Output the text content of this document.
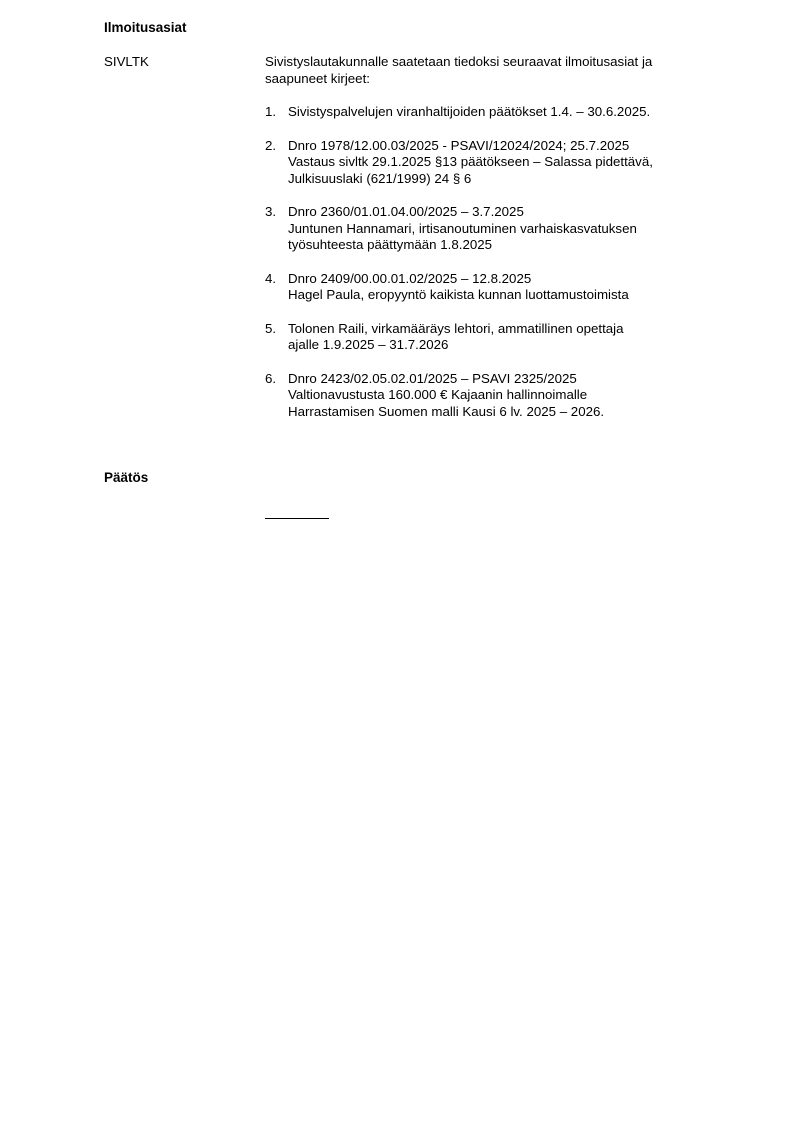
Ilmoitusasiat
SIVLTK	Sivistyslautakunnalle saatetaan tiedoksi seuraavat ilmoitusasiat ja saapuneet kirjeet:
1. Sivistyspalvelujen viranhaltijoiden päätökset 1.4. – 30.6.2025.
2. Dnro 1978/12.00.03/2025 - PSAVI/12024/2024; 25.7.2025
Vastaus sivltk 29.1.2025 §13 päätökseen – Salassa pidettävä,
Julkisuuslaki (621/1999) 24 § 6
3. Dnro 2360/01.01.04.00/2025 – 3.7.2025
Juntunen Hannamari, irtisanoutuminen varhaiskasvatuksen
työsuhteesta päättymään 1.8.2025
4. Dnro 2409/00.00.01.02/2025 – 12.8.2025
Hagel Paula, eropyyntö kaikista kunnan luottamustoimista
5. Tolonen Raili, virkamääräys lehtori, ammatillinen opettaja
ajalle 1.9.2025 – 31.7.2026
6. Dnro 2423/02.05.02.01/2025 – PSAVI 2325/2025
Valtionavustusta 160.000 € Kajaanin hallinnoimalle
Harrastamisen Suomen malli Kausi 6 lv. 2025 – 2026.
Päätös
